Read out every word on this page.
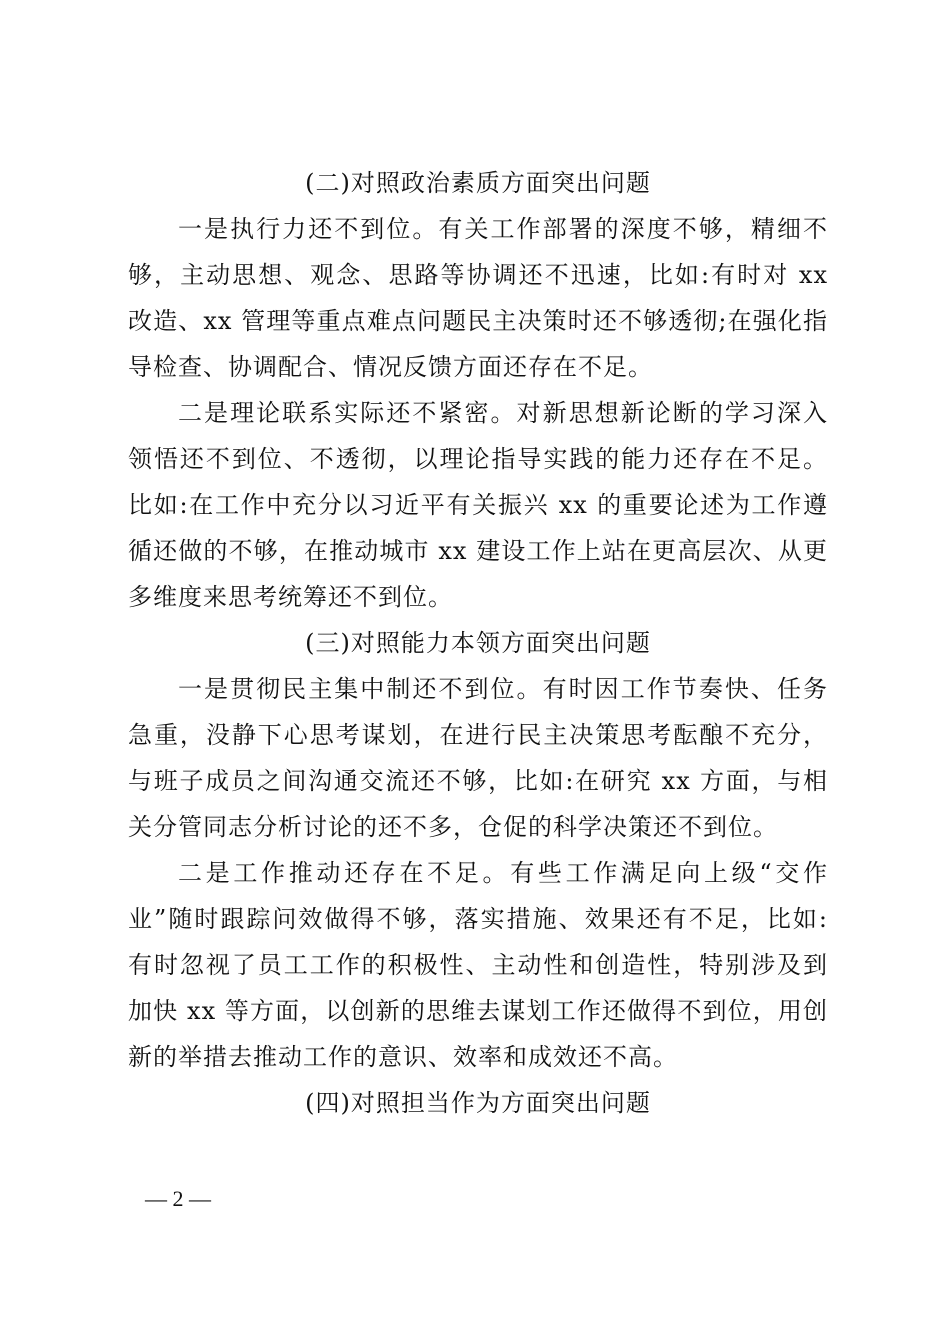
(二)对照政治素质方面突出问题
一是执行力还不到位。有关工作部署的深度不够，精细不
够，主动思想、观念、思路等协调还不迅速，比如:有时对 xx
改造、xx 管理等重点难点问题民主决策时还不够透彻;在强化指
导检查、协调配合、情况反馈方面还存在不足。
二是理论联系实际还不紧密。对新思想新论断的学习深入
领悟还不到位、不透彻，以理论指导实践的能力还存在不足。
比如:在工作中充分以习近平有关振兴 xx 的重要论述为工作遵
循还做的不够，在推动城市 xx 建设工作上站在更高层次、从更
多维度来思考统筹还不到位。
(三)对照能力本领方面突出问题
一是贯彻民主集中制还不到位。有时因工作节奏快、任务
急重，没静下心思考谋划，在进行民主决策思考酝酿不充分，
与班子成员之间沟通交流还不够，比如:在研究 xx 方面，与相
关分管同志分析讨论的还不多，仓促的科学决策还不到位。
二是工作推动还存在不足。有些工作满足向上级“交作
业”随时跟踪问效做得不够，落实措施、效果还有不足，比如:
有时忽视了员工工作的积极性、主动性和创造性，特别涉及到
加快 xx 等方面，以创新的思维去谋划工作还做得不到位，用创
新的举措去推动工作的意识、效率和成效还不高。
(四)对照担当作为方面突出问题
— 2 —
